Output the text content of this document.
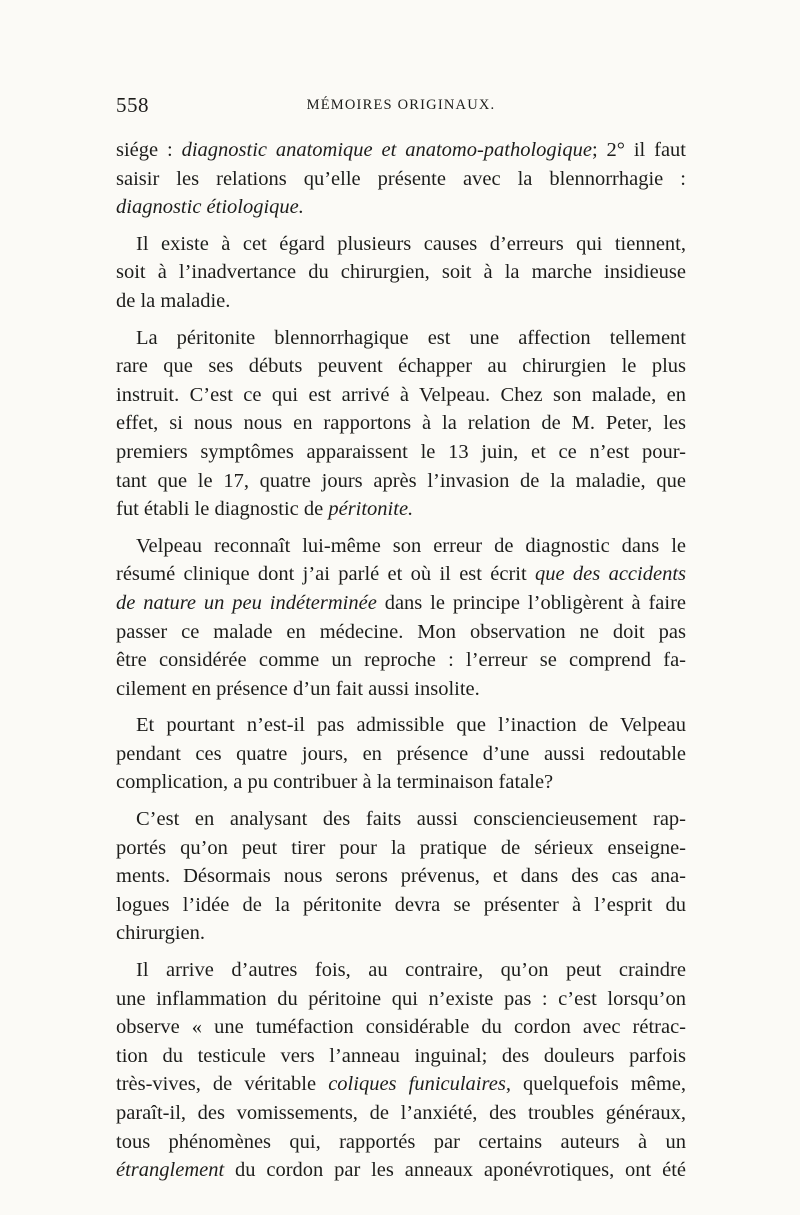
558	MÉMOIRES ORIGINAUX.
siége : diagnostic anatomique et anatomo-pathologique; 2° il faut
saisir les relations qu’elle présente avec la blennorrhagie :
diagnostic étiologique.
Il existe à cet égard plusieurs causes d’erreurs qui tiennent,
soit à l’inadvertance du chirurgien, soit à la marche insidieuse
de la maladie.
La péritonite blennorrhagique est une affection tellement
rare que ses débuts peuvent échapper au chirurgien le plus
instruit. C’est ce qui est arrivé à Velpeau. Chez son malade, en
effet, si nous nous en rapportons à la relation de M. Peter, les
premiers symptômes apparaissent le 13 juin, et ce n’est pour-
tant que le 17, quatre jours après l’invasion de la maladie, que
fut établi le diagnostic de péritonite.
Velpeau reconnaît lui-même son erreur de diagnostic dans le
résumé clinique dont j’ai parlé et où il est écrit que des accidents
de nature un peu indéterminée dans le principe l’obligèrent à faire
passer ce malade en médecine. Mon observation ne doit pas
être considérée comme un reproche : l’erreur se comprend fa-
cilement en présence d’un fait aussi insolite.
Et pourtant n’est-il pas admissible que l’inaction de Velpeau
pendant ces quatre jours, en présence d’une aussi redoutable
complication, a pu contribuer à la terminaison fatale?
C’est en analysant des faits aussi consciencieusement rap-
portés qu’on peut tirer pour la pratique de sérieux enseigne-
ments. Désormais nous serons prévenus, et dans des cas ana-
logues l’idée de la péritonite devra se présenter à l’esprit du
chirurgien.
Il arrive d’autres fois, au contraire, qu’on peut craindre
une inflammation du péritoine qui n’existe pas : c’est lorsqu’on
observe « une tuméfaction considérable du cordon avec rétrac-
tion du testicule vers l’anneau inguinal; des douleurs parfois
très-vives, de véritable coliques funiculaires, quelquefois même,
paraît-il, des vomissements, de l’anxiété, des troubles généraux,
tous phénomènes qui, rapportés par certains auteurs à un
étranglement du cordon par les anneaux aponévrotiques, ont été
